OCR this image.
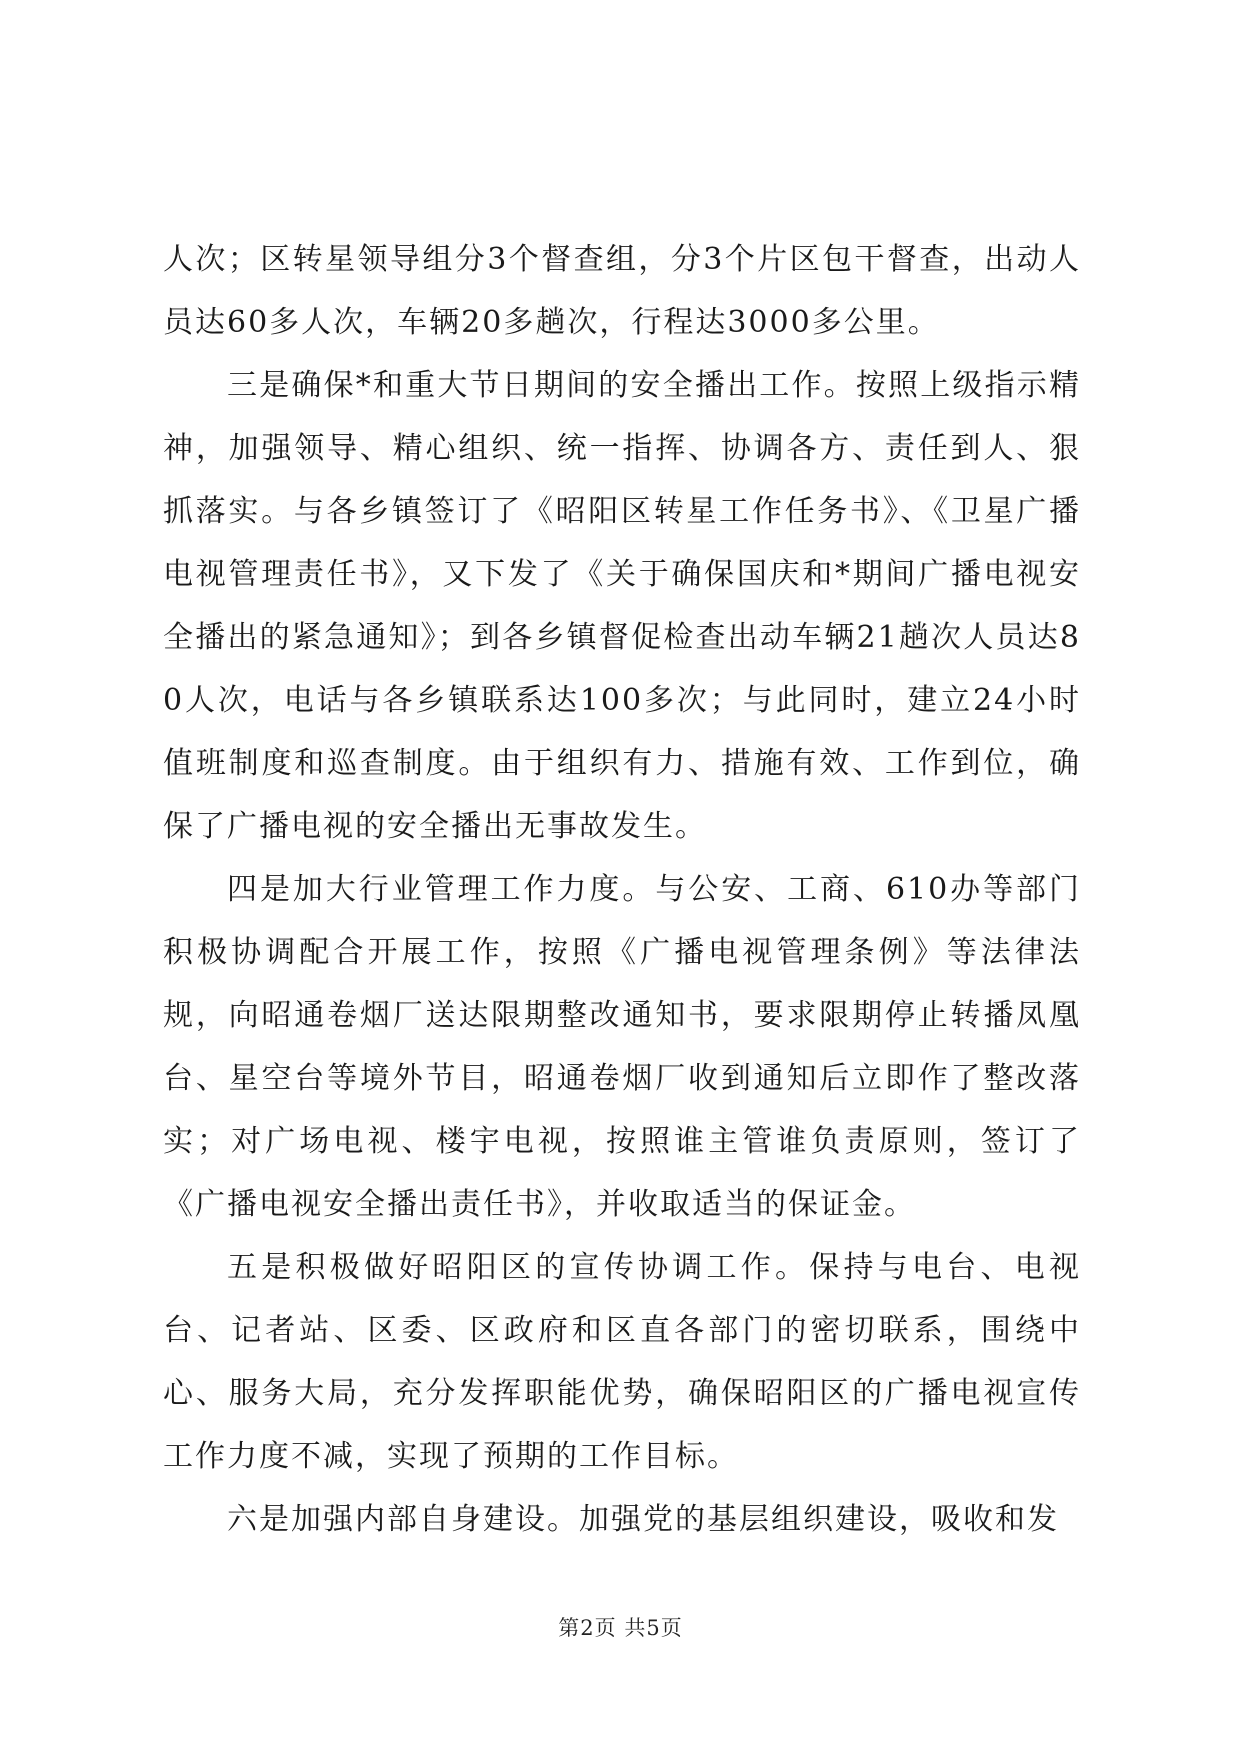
人次；区转星领导组分3个督查组，分3个片区包干督查，出动人员达60多人次，车辆20多趟次，行程达3000多公里。

三是确保*和重大节日期间的安全播出工作。按照上级指示精神，加强领导、精心组织、统一指挥、协调各方、责任到人、狠抓落实。与各乡镇签订了《昭阳区转星工作任务书》、《卫星广播电视管理责任书》，又下发了《关于确保国庆和*期间广播电视安全播出的紧急通知》；到各乡镇督促检查出动车辆21趟次人员达80人次，电话与各乡镇联系达100多次；与此同时，建立24小时值班制度和巡查制度。由于组织有力、措施有效、工作到位，确保了广播电视的安全播出无事故发生。

四是加大行业管理工作力度。与公安、工商、610办等部门积极协调配合开展工作，按照《广播电视管理条例》等法律法规，向昭通卷烟厂送达限期整改通知书，要求限期停止转播凤凰台、星空台等境外节目，昭通卷烟厂收到通知后立即作了整改落实；对广场电视、楼宇电视，按照谁主管谁负责原则，签订了《广播电视安全播出责任书》，并收取适当的保证金。

五是积极做好昭阳区的宣传协调工作。保持与电台、电视台、记者站、区委、区政府和区直各部门的密切联系，围绕中心、服务大局，充分发挥职能优势，确保昭阳区的广播电视宣传工作力度不减，实现了预期的工作目标。

六是加强内部自身建设。加强党的基层组织建设，吸收和发

第2页 共5页
